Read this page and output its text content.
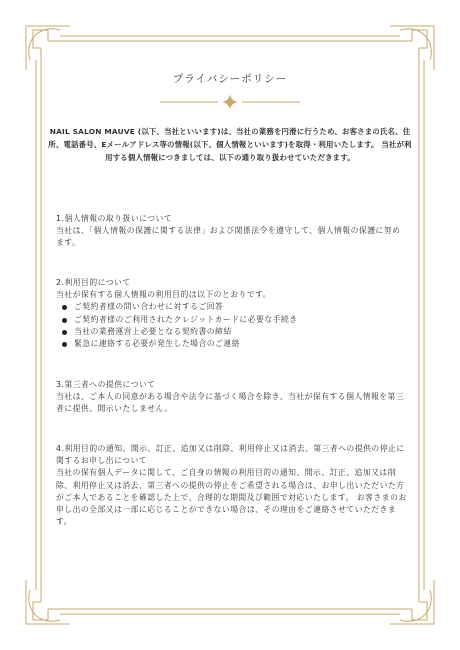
プライバシーポリシー
NAIL SALON MAUVE (以下、当社といいます)は、当社の業務を円滑に行うため、お客さまの氏名、住所、電話番号、Eメールアドレス等の情報(以下、個人情報といいます)を取得・利用いたします。 当社が利用する個人情報につきましては、以下の通り取り扱わせていただきます。

1.個人情報の取り扱いについて

当社は、「個人情報の保護に関する法律」および関係法令を遵守して、個人情報の保護に努めます。

2.利用目的について

当社が保有する個人情報の利用目的は以下のとおりです。

ご契約者様の問い合わせに対するご回答
ご契約者様のご利用されたクレジットカードに必要な手続き
当社の業務運営上必要となる契約書の締結
緊急に連絡する必要が発生した場合のご連絡

3.第三者への提供について

当社は、ご本人の同意がある場合や法令に基づく場合を除き、当社が保有する個人情報を第三者に提供、開示いたしません。

4.利用目的の通知、開示、訂正、追加又は削除、利用停止又は消去、第三者への提供の停止に関するお申し出について

当社の保有個人データに関して、ご自身の情報の利用目的の通知、開示、訂正、追加又は削除、利用停止又は消去、第三者への提供の停止をご希望される場合は、お申し出いただいた方がご本人であることを確認した上で、合理的な期間及び範囲で対応いたします。 お客さまのお申し出の全部又は一部に応じることができない場合は、その理由をご連絡させていただきます。
